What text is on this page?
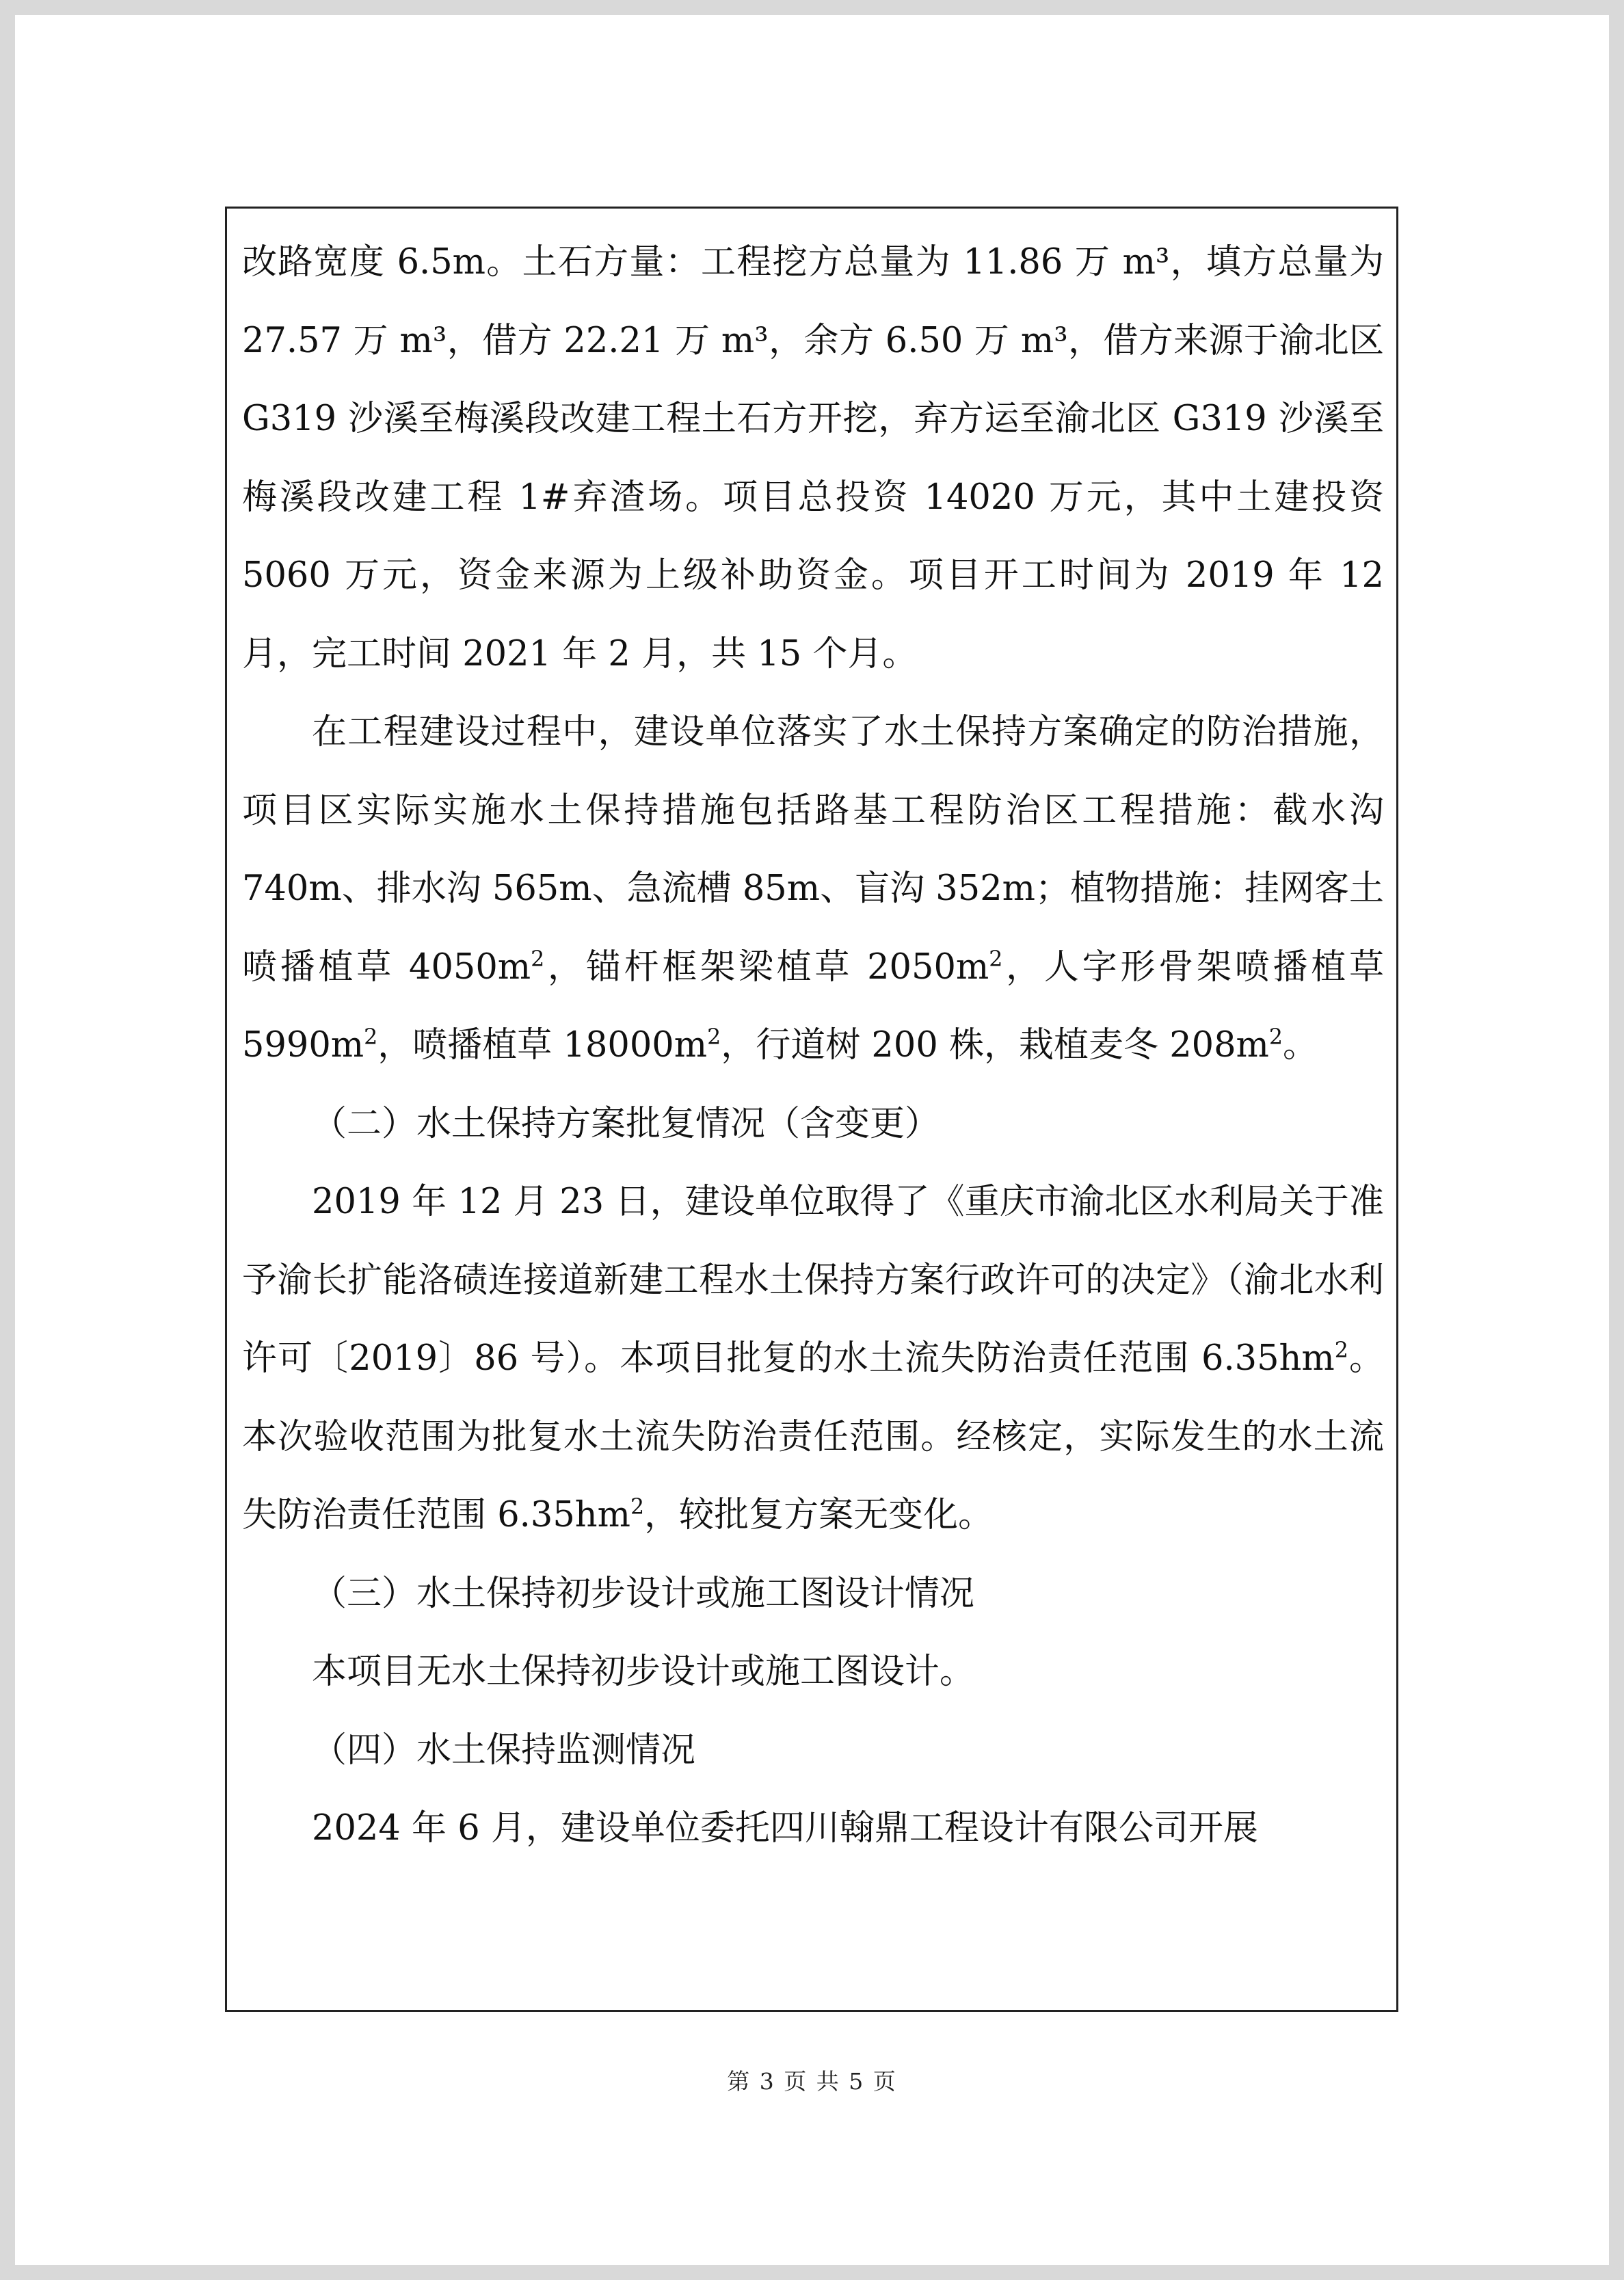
改路宽度 6.5m。土石方量：工程挖方总量为 11.86 万 m³，填方总量为 27.57 万 m³，借方 22.21 万 m³，余方 6.50 万 m³，借方来源于渝北区 G319 沙溪至梅溪段改建工程土石方开挖，弃方运至渝北区 G319 沙溪至梅溪段改建工程 1#弃渣场。项目总投资 14020 万元，其中土建投资 5060 万元，资金来源为上级补助资金。项目开工时间为 2019 年 12 月，完工时间 2021 年 2 月，共 15 个月。

在工程建设过程中，建设单位落实了水土保持方案确定的防治措施，项目区实际实施水土保持措施包括路基工程防治区工程措施：截水沟 740m、排水沟 565m、急流槽 85m、盲沟 352m；植物措施：挂网客土喷播植草 $4050m^2$，锚杆框架梁植草 $2050m^2$，人字形骨架喷播植草 $5990m^2$，喷播植草 $18000m^2$，行道树 200 株，栽植麦冬 $208m^2$。

（二）水土保持方案批复情况（含变更）

2019 年 12 月 23 日，建设单位取得了《重庆市渝北区水利局关于准予渝长扩能洛碛连接道新建工程水土保持方案行政许可的决定》（渝北水利许可〔2019〕86 号）。本项目批复的水土流失防治责任范围 $6.35hm^2$。本次验收范围为批复水土流失防治责任范围。经核定，实际发生的水土流失防治责任范围 $6.35hm^2$，较批复方案无变化。

（三）水土保持初步设计或施工图设计情况

本项目无水土保持初步设计或施工图设计。

（四）水土保持监测情况

2024 年 6 月，建设单位委托四川翰鼎工程设计有限公司开展

第 3 页 共 5 页
